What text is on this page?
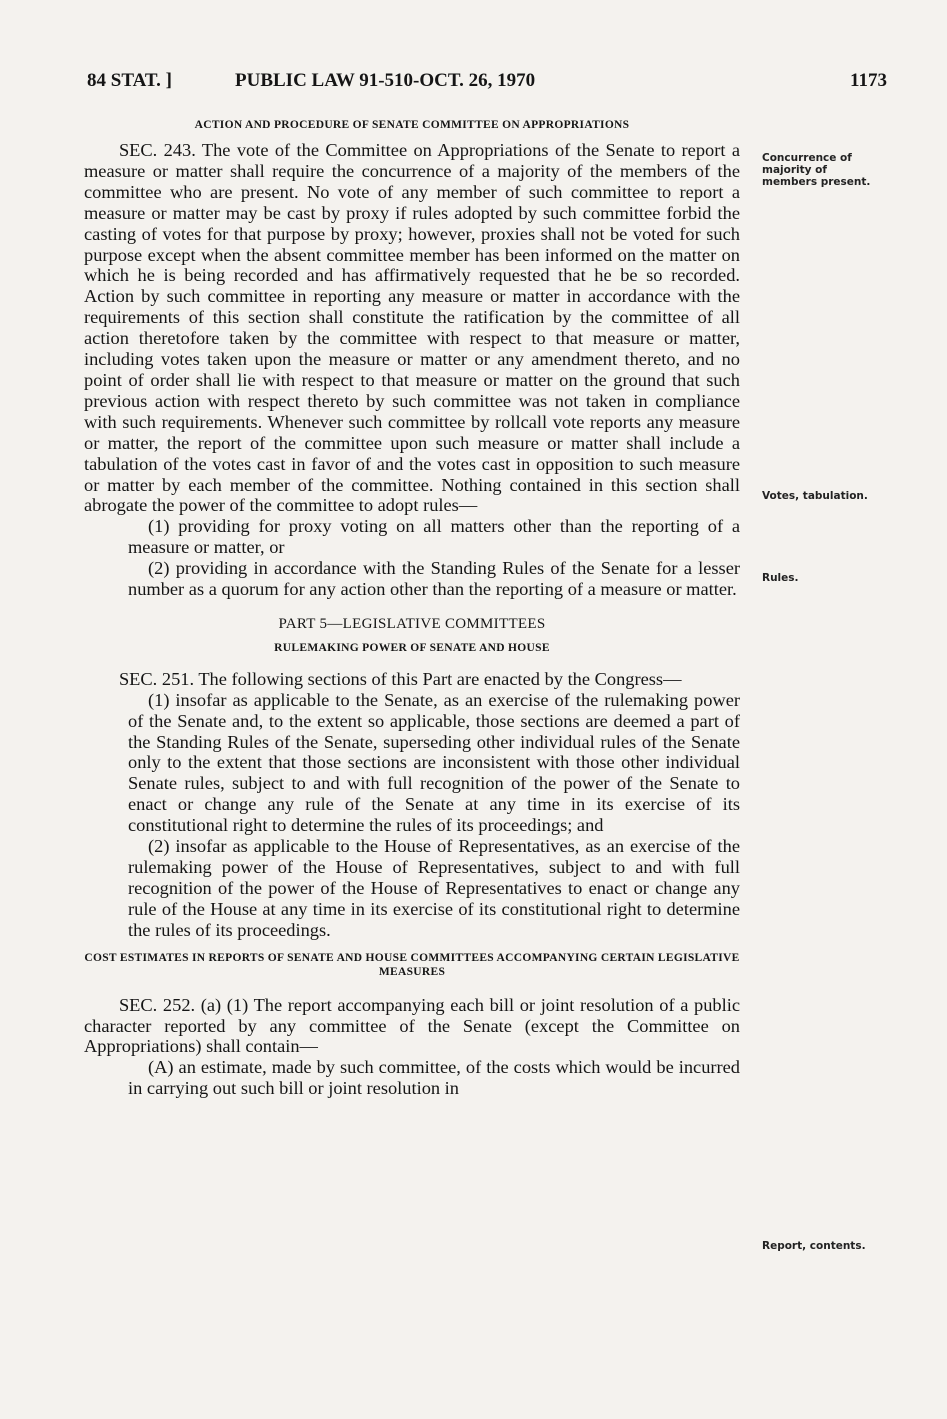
84 STAT. ]	PUBLIC LAW 91-510-OCT. 26, 1970	1173
ACTION AND PROCEDURE OF SENATE COMMITTEE ON APPROPRIATIONS

SEC. 243. The vote of the Committee on Appropriations of the Senate to report a measure or matter shall require the concurrence of a majority of the members of the committee who are present. No vote of any member of such committee to report a measure or matter may be cast by proxy if rules adopted by such committee forbid the casting of votes for that purpose by proxy; however, proxies shall not be voted for such purpose except when the absent committee member has been informed on the matter on which he is being recorded and has affirmatively requested that he be so recorded. Action by such committee in reporting any measure or matter in accordance with the requirements of this section shall constitute the ratification by the committee of all action theretofore taken by the committee with respect to that measure or matter, including votes taken upon the measure or matter or any amendment thereto, and no point of order shall lie with respect to that measure or matter on the ground that such previous action with respect thereto by such committee was not taken in compliance with such requirements. Whenever such committee by rollcall vote reports any measure or matter, the report of the committee upon such measure or matter shall include a tabulation of the votes cast in favor of and the votes cast in opposition to such measure or matter by each member of the committee. Nothing contained in this section shall abrogate the power of the committee to adopt rules—

(1) providing for proxy voting on all matters other than the reporting of a measure or matter, or

(2) providing in accordance with the Standing Rules of the Senate for a lesser number as a quorum for any action other than the reporting of a measure or matter.

PART 5—LEGISLATIVE COMMITTEES
RULEMAKING POWER OF SENATE AND HOUSE

SEC. 251. The following sections of this Part are enacted by the Congress—

(1) insofar as applicable to the Senate, as an exercise of the rulemaking power of the Senate and, to the extent so applicable, those sections are deemed a part of the Standing Rules of the Senate, superseding other individual rules of the Senate only to the extent that those sections are inconsistent with those other individual Senate rules, subject to and with full recognition of the power of the Senate to enact or change any rule of the Senate at any time in its exercise of its constitutional right to determine the rules of its proceedings; and

(2) insofar as applicable to the House of Representatives, as an exercise of the rulemaking power of the House of Representatives, subject to and with full recognition of the power of the House of Representatives to enact or change any rule of the House at any time in its exercise of its constitutional right to determine the rules of its proceedings.

COST ESTIMATES IN REPORTS OF SENATE AND HOUSE COMMITTEES ACCOMPANYING CERTAIN LEGISLATIVE MEASURES

SEC. 252. (a) (1) The report accompanying each bill or joint resolution of a public character reported by any committee of the Senate (except the Committee on Appropriations) shall contain—

(A) an estimate, made by such committee, of the costs which would be incurred in carrying out such bill or joint resolution in

Concurrence of majority of members present.
Votes, tabulation.
Rules.
Report, contents.
